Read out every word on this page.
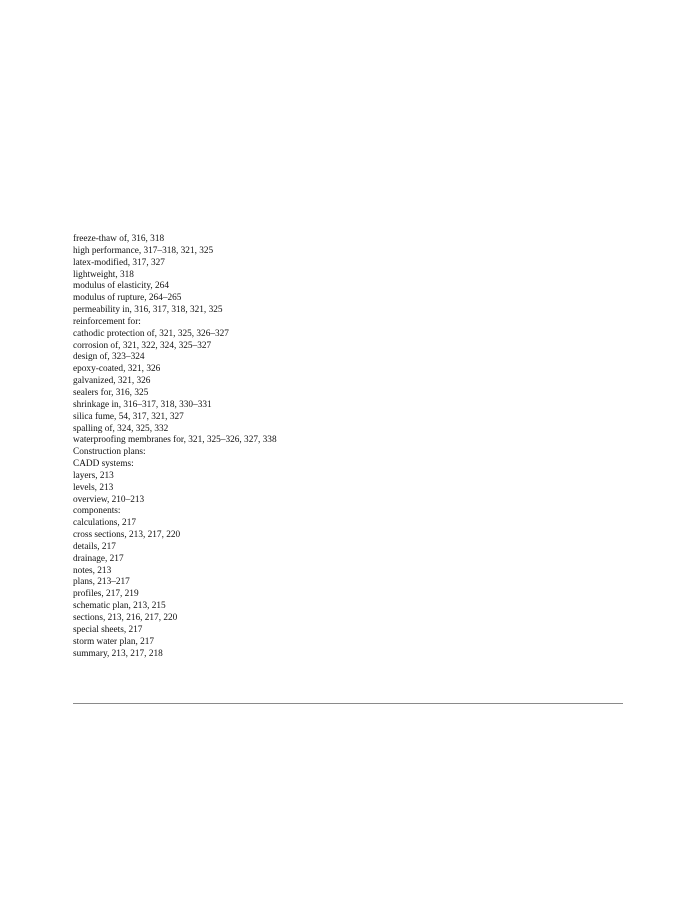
freeze-thaw of, 316, 318
high performance, 317–318, 321, 325
latex-modified, 317, 327
lightweight, 318
modulus of elasticity, 264
modulus of rupture, 264–265
permeability in, 316, 317, 318, 321, 325
reinforcement for:
cathodic protection of, 321, 325, 326–327
corrosion of, 321, 322, 324, 325–327
design of, 323–324
epoxy-coated, 321, 326
galvanized, 321, 326
sealers for, 316, 325
shrinkage in, 316–317, 318, 330–331
silica fume, 54, 317, 321, 327
spalling of, 324, 325, 332
waterproofing membranes for, 321, 325–326, 327, 338
Construction plans:
CADD systems:
layers, 213
levels, 213
overview, 210–213
components:
calculations, 217
cross sections, 213, 217, 220
details, 217
drainage, 217
notes, 213
plans, 213–217
profiles, 217, 219
schematic plan, 213, 215
sections, 213, 216, 217, 220
special sheets, 217
storm water plan, 217
summary, 213, 217, 218
